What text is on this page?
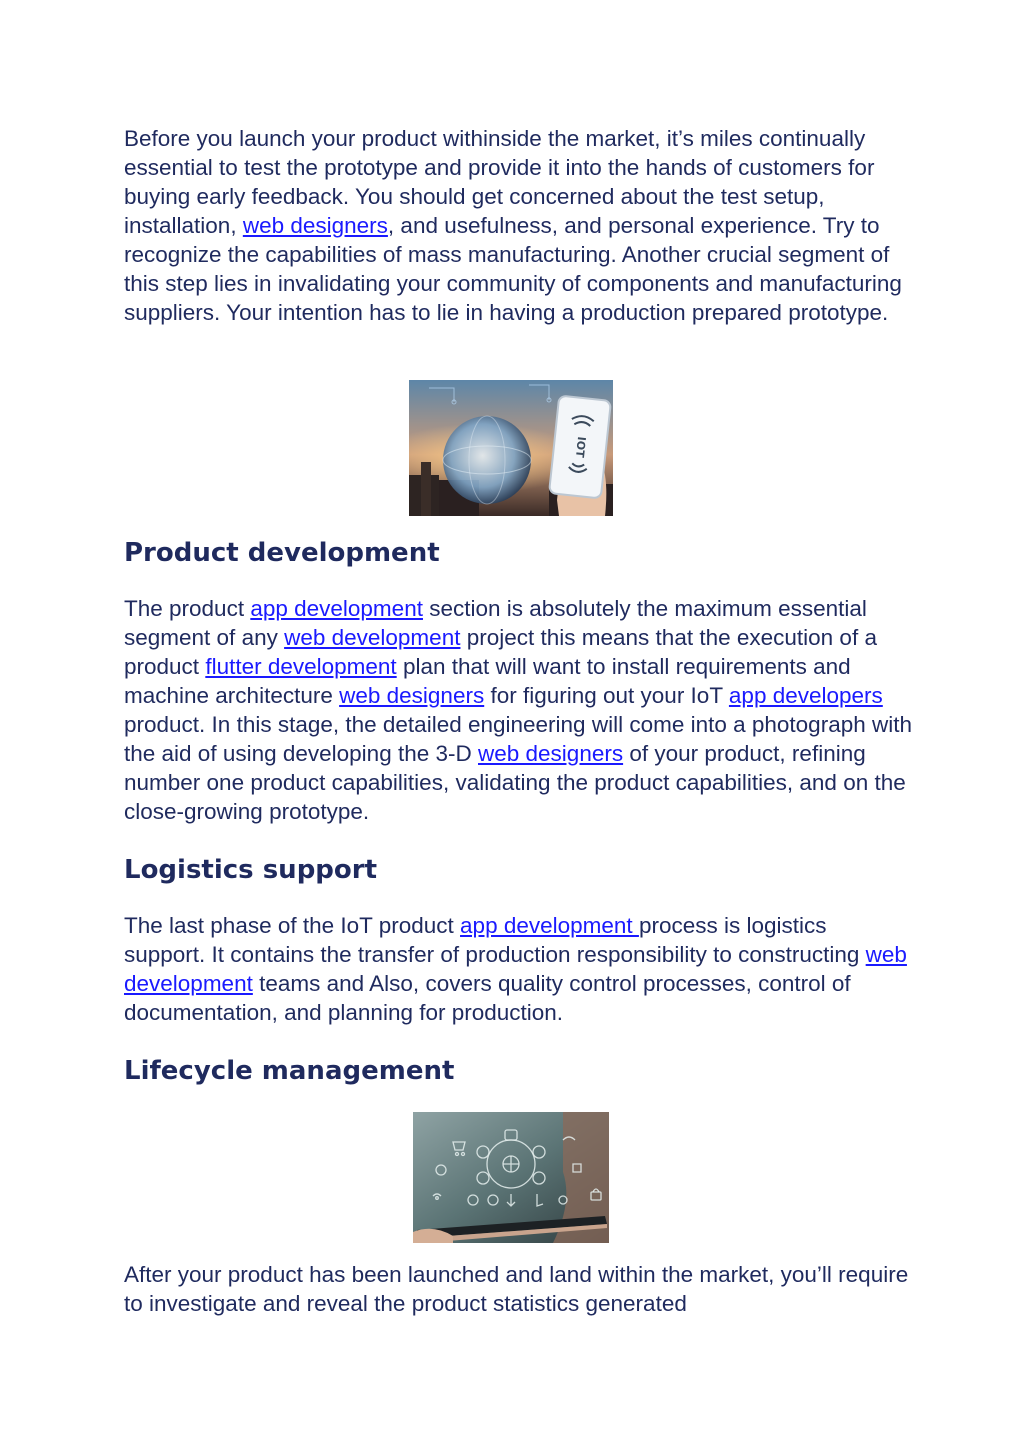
Before you launch your product withinside the market, it’s miles continually essential to test the prototype and provide it into the hands of customers for buying early feedback. You should get concerned about the test setup, installation, web designers, and usefulness, and personal experience. Try to recognize the capabilities of mass manufacturing. Another crucial segment of this step lies in invalidating your community of components and manufacturing suppliers. Your intention has to lie in having a production prepared prototype.

IOT
Product development

The product app development section is absolutely the maximum essential segment of any web development project this means that the execution of a product flutter development plan that will want to install requirements and machine architecture web designers for figuring out your IoT app developers product. In this stage, the detailed engineering will come into a photograph with the aid of using developing the 3-D web designers of your product, refining number one product capabilities, validating the product capabilities, and on the close-growing prototype.

Logistics support

The last phase of the IoT product app development process is logistics support. It contains the transfer of production responsibility to constructing web development teams and Also, covers quality control processes, control of documentation, and planning for production.

Lifecycle management

After your product has been launched and land within the market, you’ll require to investigate and reveal the product statistics generated
